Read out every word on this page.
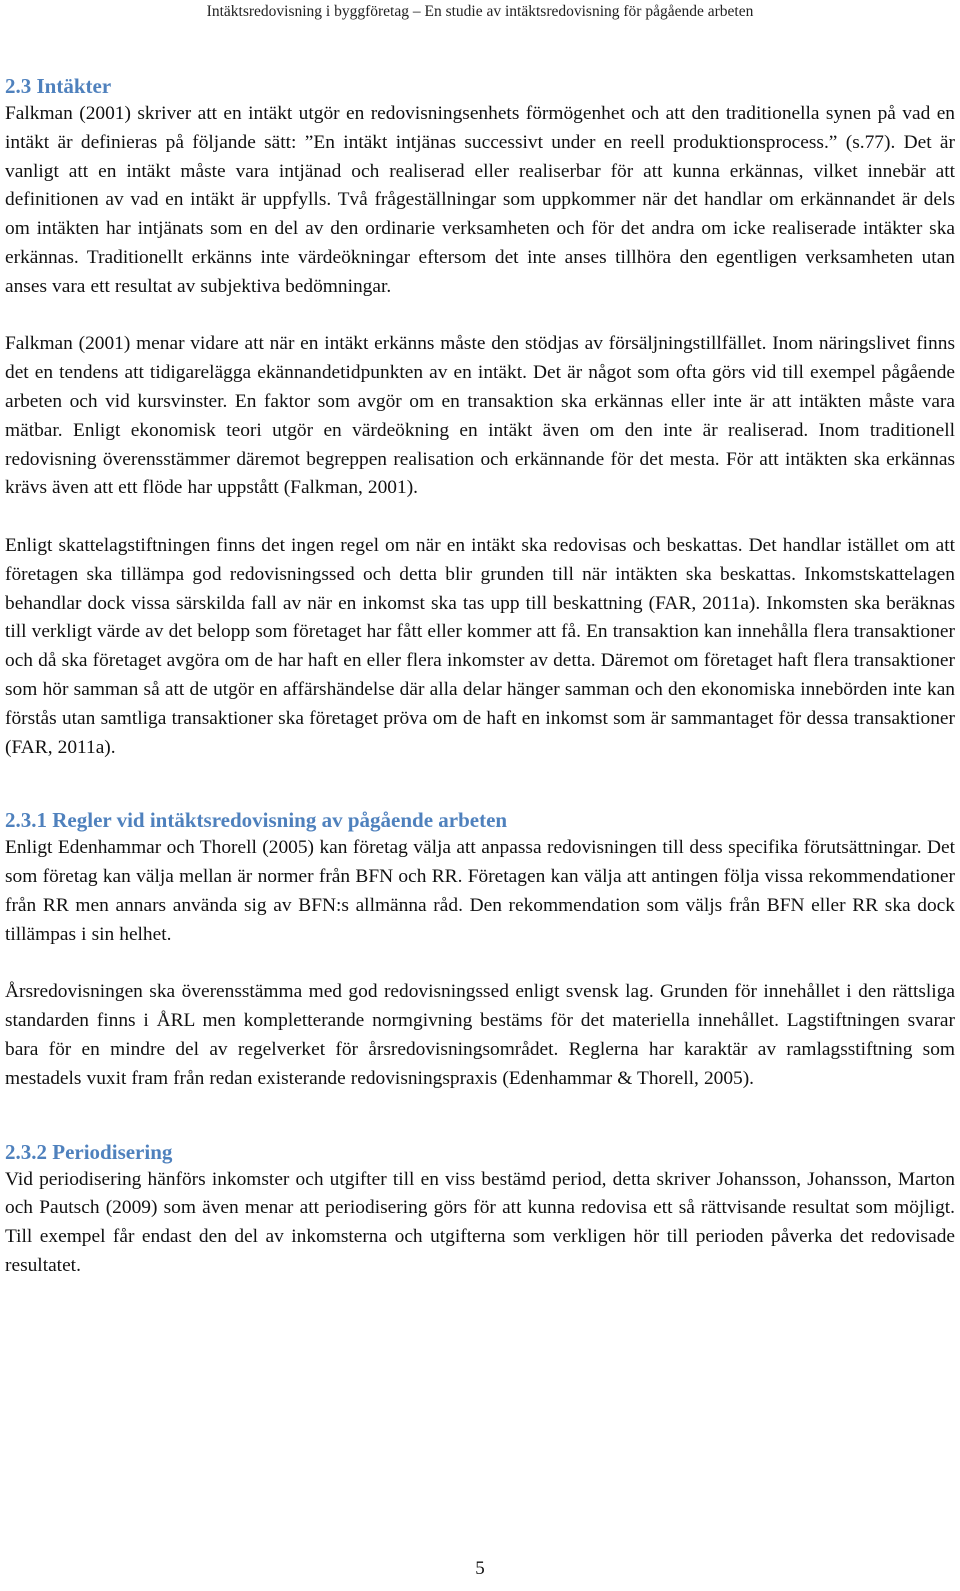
Intäktsredovisning i byggföretag – En studie av intäktsredovisning för pågående arbeten
2.3 Intäkter

Falkman (2001) skriver att en intäkt utgör en redovisningsenhets förmögenhet och att den traditionella synen på vad en intäkt är definieras på följande sätt: ”En intäkt intjänas successivt under en reell produktionsprocess.” (s.77). Det är vanligt att en intäkt måste vara intjänad och realiserad eller realiserbar för att kunna erkännas, vilket innebär att definitionen av vad en intäkt är uppfylls. Två frågeställningar som uppkommer när det handlar om erkännandet är dels om intäkten har intjänats som en del av den ordinarie verksamheten och för det andra om icke realiserade intäkter ska erkännas. Traditionellt erkänns inte värdeökningar eftersom det inte anses tillhöra den egentligen verksamheten utan anses vara ett resultat av subjektiva bedömningar.

Falkman (2001) menar vidare att när en intäkt erkänns måste den stödjas av försäljningstillfället. Inom näringslivet finns det en tendens att tidigarelägga ekännandetidpunkten av en intäkt. Det är något som ofta görs vid till exempel pågående arbeten och vid kursvinster. En faktor som avgör om en transaktion ska erkännas eller inte är att intäkten måste vara mätbar. Enligt ekonomisk teori utgör en värdeökning en intäkt även om den inte är realiserad. Inom traditionell redovisning överensstämmer däremot begreppen realisation och erkännande för det mesta. För att intäkten ska erkännas krävs även att ett flöde har uppstått (Falkman, 2001).

Enligt skattelagstiftningen finns det ingen regel om när en intäkt ska redovisas och beskattas. Det handlar istället om att företagen ska tillämpa god redovisningssed och detta blir grunden till när intäkten ska beskattas. Inkomstskattelagen behandlar dock vissa särskilda fall av när en inkomst ska tas upp till beskattning (FAR, 2011a). Inkomsten ska beräknas till verkligt värde av det belopp som företaget har fått eller kommer att få. En transaktion kan innehålla flera transaktioner och då ska företaget avgöra om de har haft en eller flera inkomster av detta. Däremot om företaget haft flera transaktioner som hör samman så att de utgör en affärshändelse där alla delar hänger samman och den ekonomiska innebörden inte kan förstås utan samtliga transaktioner ska företaget pröva om de haft en inkomst som är sammantaget för dessa transaktioner (FAR, 2011a).

2.3.1 Regler vid intäktsredovisning av pågående arbeten

Enligt Edenhammar och Thorell (2005) kan företag välja att anpassa redovisningen till dess specifika förutsättningar. Det som företag kan välja mellan är normer från BFN och RR. Företagen kan välja att antingen följa vissa rekommendationer från RR men annars använda sig av BFN:s allmänna råd. Den rekommendation som väljs från BFN eller RR ska dock tillämpas i sin helhet.

Årsredovisningen ska överensstämma med god redovisningssed enligt svensk lag. Grunden för innehållet i den rättsliga standarden finns i ÅRL men kompletterande normgivning bestäms för det materiella innehållet. Lagstiftningen svarar bara för en mindre del av regelverket för årsredovisningsområdet. Reglerna har karaktär av ramlagsstiftning som mestadels vuxit fram från redan existerande redovisningspraxis (Edenhammar & Thorell, 2005).

2.3.2 Periodisering

Vid periodisering hänförs inkomster och utgifter till en viss bestämd period, detta skriver Johansson, Johansson, Marton och Pautsch (2009) som även menar att periodisering görs för att kunna redovisa ett så rättvisande resultat som möjligt. Till exempel får endast den del av inkomsterna och utgifterna som verkligen hör till perioden påverka det redovisade resultatet.

5
